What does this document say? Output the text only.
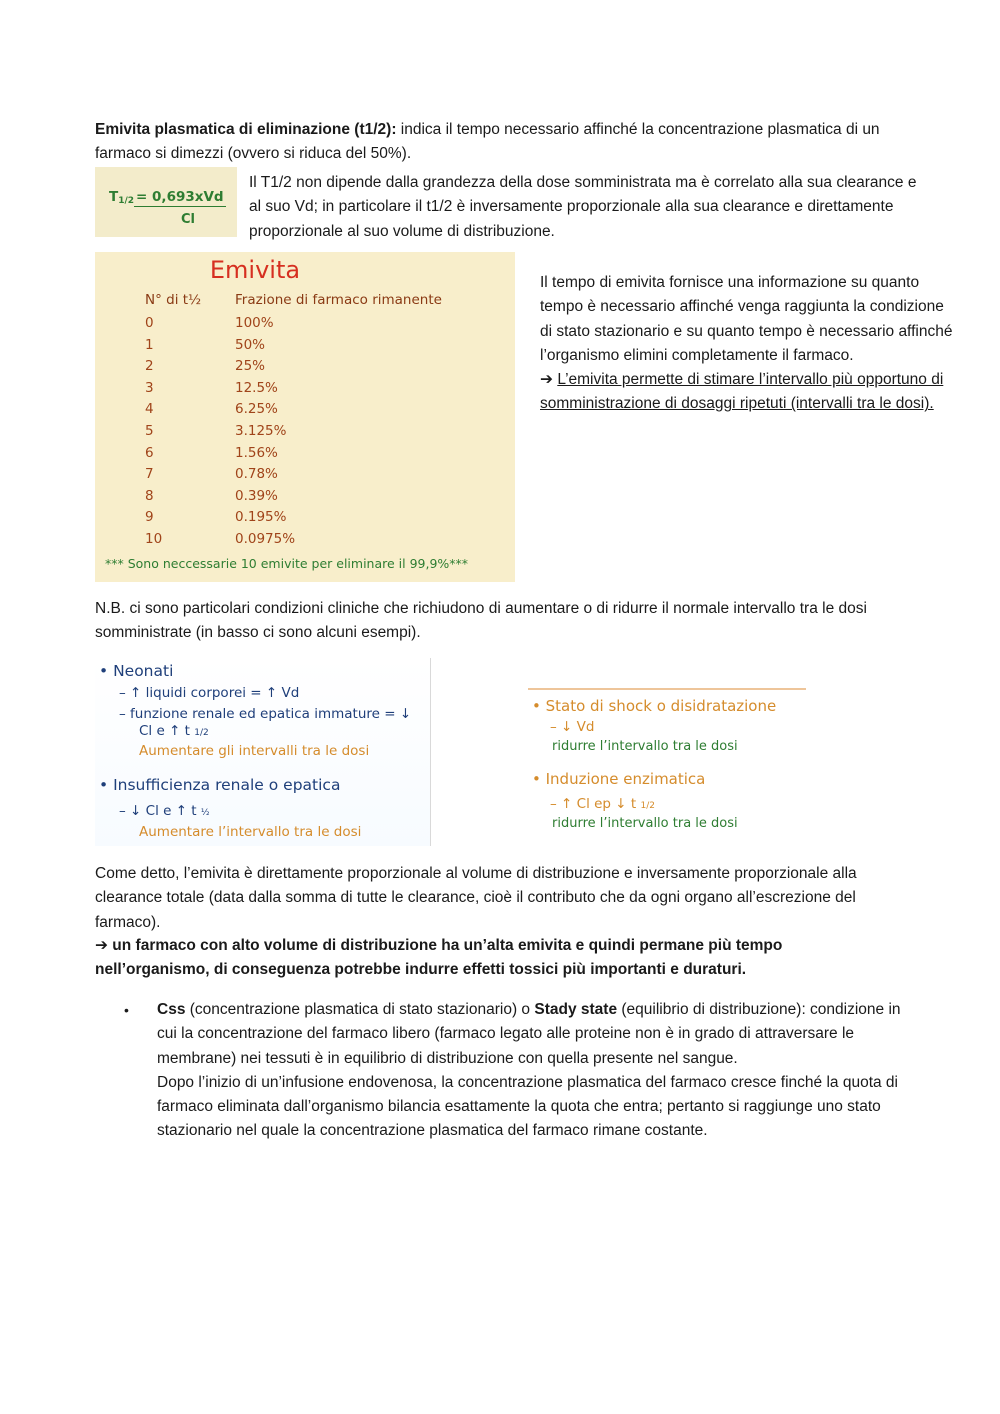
Emivita plasmatica di eliminazione (t1/2): indica il tempo necessario affinché la concentrazione plasmatica di un farmaco si dimezzi (ovvero si riduca del 50%).

$T_{1/2} = 0,693xVd$
Cl

Il T1/2 non dipende dalla grandezza della dose somministrata ma è correlato alla sua clearance e al suo Vd; in particolare il t1/2 è inversamente proporzionale alla sua clearance e direttamente proporzionale al suo volume di distribuzione.

Emivita
N° di t½	Frazione di farmaco rimanente
0	100%
1	50%
2	25%
3	12.5%
4	6.25%
5	3.125%
6	1.56%
7	0.78%
8	0.39%
9	0.195%
10	0.0975%
*** Sono neccessarie 10 emivite per eliminare il 99,9%***

Il tempo di emivita fornisce una informazione su quanto tempo è necessario affinché venga raggiunta la condizione di stato stazionario e su quanto tempo è necessario affinché l’organismo elimini completamente il farmaco.

➔ L’emivita permette di stimare l’intervallo più opportuno di somministrazione di dosaggi ripetuti (intervalli tra le dosi).

N.B. ci sono particolari condizioni cliniche che richiudono di aumentare o di ridurre il normale intervallo tra le dosi somministrate (in basso ci sono alcuni esempi).

• Neonati
– ↑ liquidi corporei = ↑ Vd
– funzione renale ed epatica immature = ↓
Cl e ↑ t 1/2
Aumentare gli intervalli tra le dosi
• Insufficienza renale o epatica
– ↓ Cl e ↑ t ½
Aumentare l’intervallo tra le dosi
• Stato di shock o disidratazione
– ↓ Vd
ridurre l’intervallo tra le dosi
• Induzione enzimatica
– ↑ Cl ep ↓ t 1/2
ridurre l’intervallo tra le dosi

Come detto, l’emivita è direttamente proporzionale al volume di distribuzione e inversamente proporzionale alla clearance totale (data dalla somma di tutte le clearance, cioè il contributo che da ogni organo all’escrezione del farmaco).

➔ un farmaco con alto volume di distribuzione ha un’alta emivita e quindi permane più tempo nell’organismo, di conseguenza potrebbe indurre effetti tossici più importanti e duraturi.

• Css (concentrazione plasmatica di stato stazionario) o Stady state (equilibrio di distribuzione): condizione in cui la concentrazione del farmaco libero (farmaco legato alle proteine non è in grado di attraversare le membrane) nei tessuti è in equilibrio di distribuzione con quella presente nel sangue.

Dopo l’inizio di un’infusione endovenosa, la concentrazione plasmatica del farmaco cresce finché la quota di farmaco eliminata dall’organismo bilancia esattamente la quota che entra; pertanto si raggiunge uno stato stazionario nel quale la concentrazione plasmatica del farmaco rimane costante.
